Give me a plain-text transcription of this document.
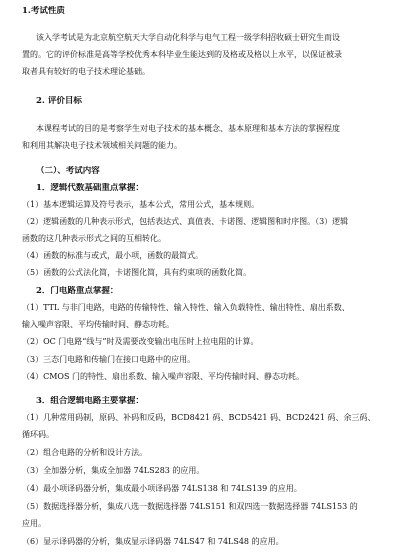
1.考试性质
该入学考试是为北京航空航天大学自动化科学与电气工程一级学科招收硕士研究生而设
置的。它的评价标准是高等学校优秀本科毕业生能达到的及格或及格以上水平，以保证被录
取者具有较好的电子技术理论基础。
2. 评价目标
本课程考试的目的是考察学生对电子技术的基本概念、基本原理和基本方法的掌握程度
和利用其解决电子技术领域相关问题的能力。
（二）、考试内容
1．逻辑代数基础重点掌握：
（1）基本逻辑运算及符号表示，基本公式，常用公式，基本规则。
（2）逻辑函数的几种表示形式，包括表达式、真值表、卡诺图、逻辑图和时序图。（3）逻辑
函数的这几种表示形式之间的互相转化。
（4）函数的标准与或式，最小项，函数的最简式。
（5）函数的公式法化简，卡诺图化简，具有约束项的函数化简。
2．门电路重点掌握：
（1）TTL 与非门电路，电路的传输特性、输入特性、输入负载特性、输出特性、扇出系数、
输入噪声容限、平均传输时间、静态功耗。
（2）OC 门电路“线与”时及需要改变输出电压时上拉电阻的计算。
（3）三态门电路和传输门在接口电路中的应用。
（4）CMOS 门的特性、扇出系数、输入噪声容限、平均传输时间、静态功耗。
3．组合逻辑电路主要掌握：
（1）几种常用码制，原码、补码和反码，BCD8421 码、BCD5421 码、BCD2421 码、余三码、
循环码。
（2）组合电路的分析和设计方法。
（3）全加器分析，集成全加器 74LS283 的应用。
（4）最小项译码器分析，集成最小项译码器 74LS138 和 74LS139 的应用。
（5）数据选择器分析，集成八选一数据选择器 74LS151 和双四选一数据选择器 74LS153 的
应用。
（6）显示译码器的分析，集成显示译码器 74LS47 和 74LS48 的应用。
